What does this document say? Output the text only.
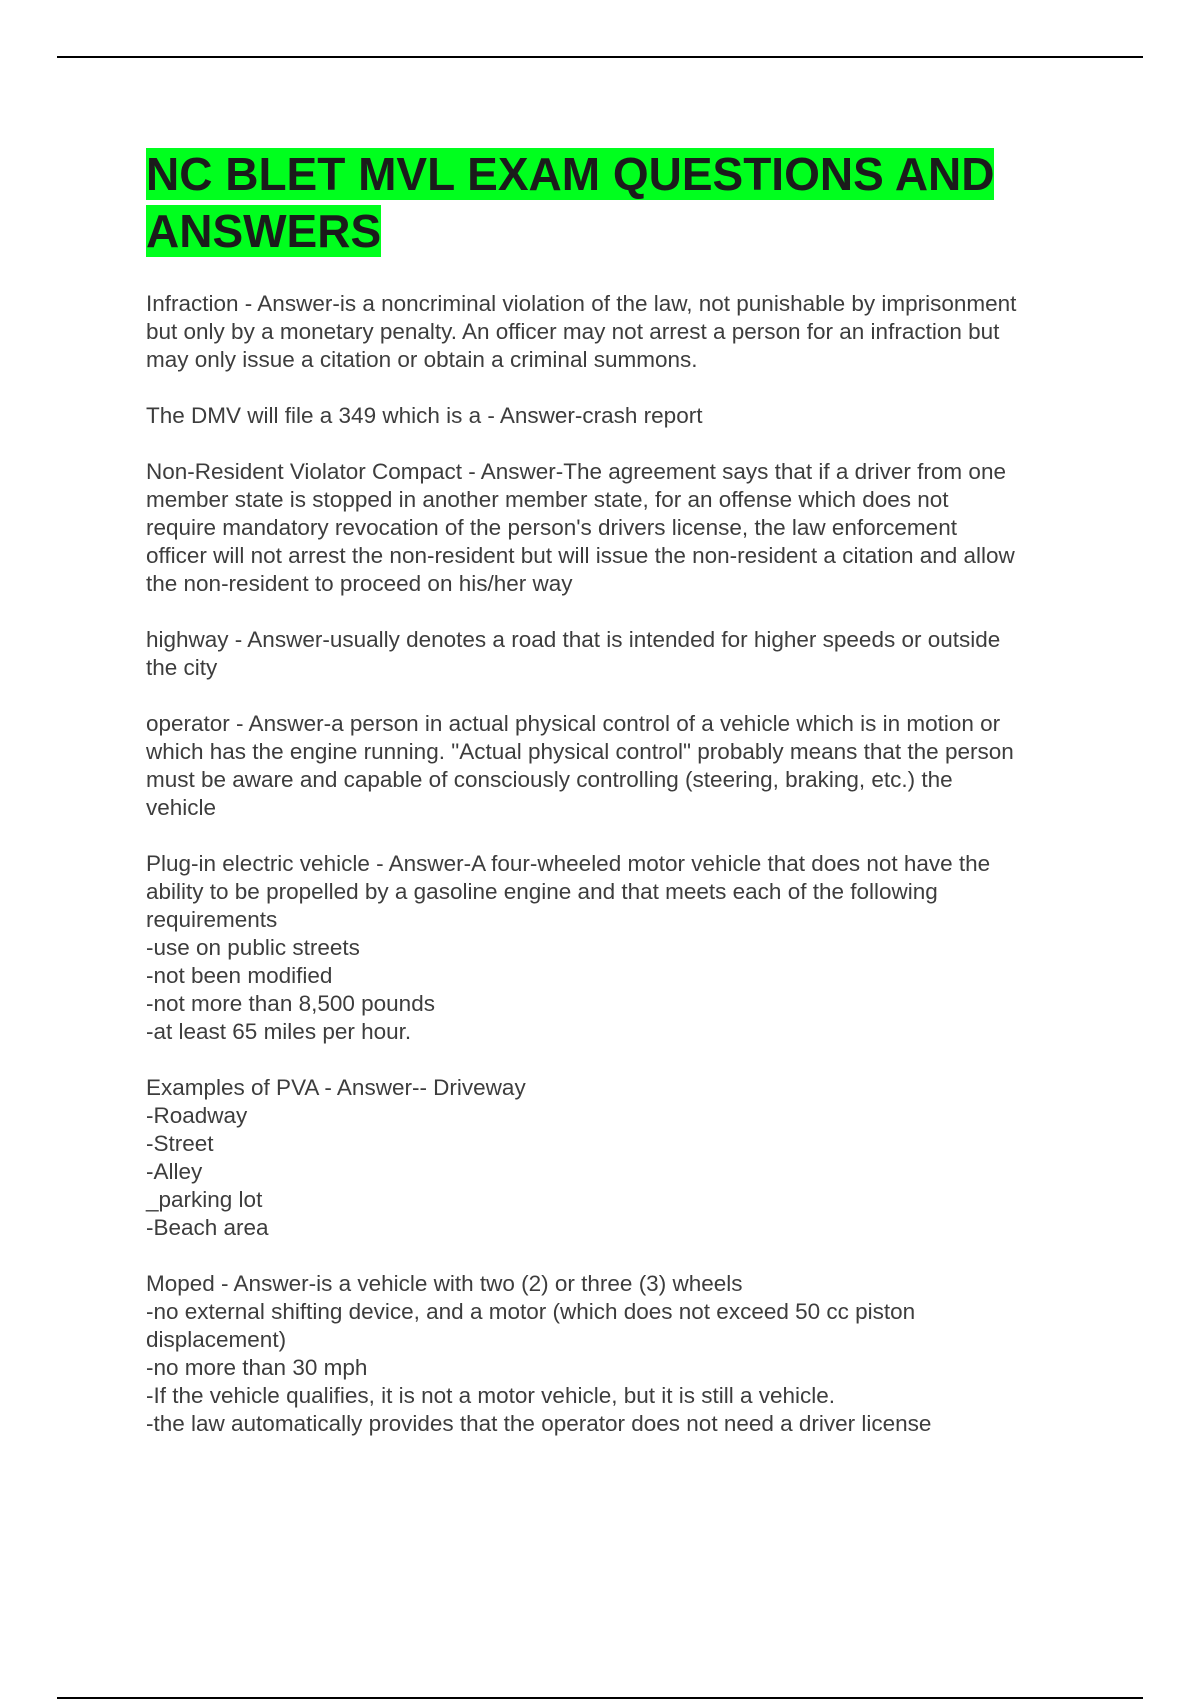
NC BLET MVL EXAM QUESTIONS AND ANSWERS
Infraction - Answer-is a noncriminal violation of the law, not punishable by imprisonment
but only by a monetary penalty. An officer may not arrest a person for an infraction but
may only issue a citation or obtain a criminal summons.
The DMV will file a 349 which is a - Answer-crash report
Non-Resident Violator Compact - Answer-The agreement says that if a driver from one
member state is stopped in another member state, for an offense which does not
require mandatory revocation of the person's drivers license, the law enforcement
officer will not arrest the non-resident but will issue the non-resident a citation and allow
the non-resident to proceed on his/her way
highway - Answer-usually denotes a road that is intended for higher speeds or outside
the city
operator - Answer-a person in actual physical control of a vehicle which is in motion or
which has the engine running. "Actual physical control" probably means that the person
must be aware and capable of consciously controlling (steering, braking, etc.) the
vehicle
Plug-in electric vehicle - Answer-A four-wheeled motor vehicle that does not have the
ability to be propelled by a gasoline engine and that meets each of the following
requirements
-use on public streets
-not been modified
-not more than 8,500 pounds
-at least 65 miles per hour.
Examples of PVA - Answer-- Driveway
-Roadway
-Street
-Alley
_parking lot
-Beach area
Moped - Answer-is a vehicle with two (2) or three (3) wheels
-no external shifting device, and a motor (which does not exceed 50 cc piston
displacement)
-no more than 30 mph
-If the vehicle qualifies, it is not a motor vehicle, but it is still a vehicle.
-the law automatically provides that the operator does not need a driver license
